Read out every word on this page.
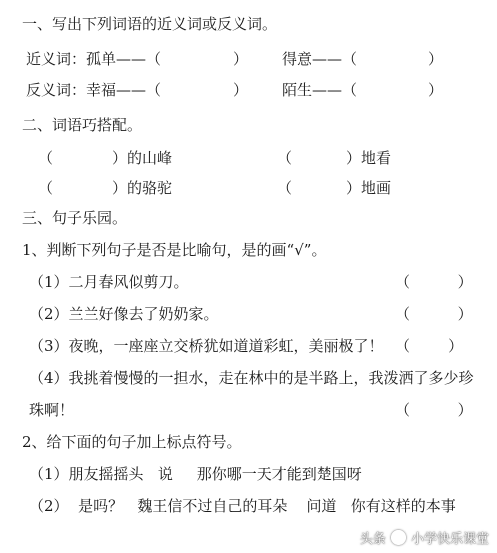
一、写出下列词语的近义词或反义词。
近义词：孤单——（	） 得意——（	）
反义词：幸福——（	） 陌生——（	）
二、词语巧搭配。
（	）的山峰	（	）地看
（	）的骆驼	（	）地画
三、句子乐园。
1、判断下列句子是否是比喻句，是的画“√”。
（1）二月春风似剪刀。	（          ）
（2）兰兰好像去了奶奶家。	（          ）
（3）夜晚，一座座立交桥犹如道道彩虹，美丽极了！ （        ）
（4）我挑着慢慢的一担水，走在林中的是半路上，我泼洒了多少珍
珠啊！	（          ）
2、给下面的句子加上标点符号。
（1）朋友摇摇头   说     那你哪一天才能到楚国呀
（2）  是吗？   魏王信不过自己的耳朵    问道   你有这样的本事
头条 小学快乐课堂
